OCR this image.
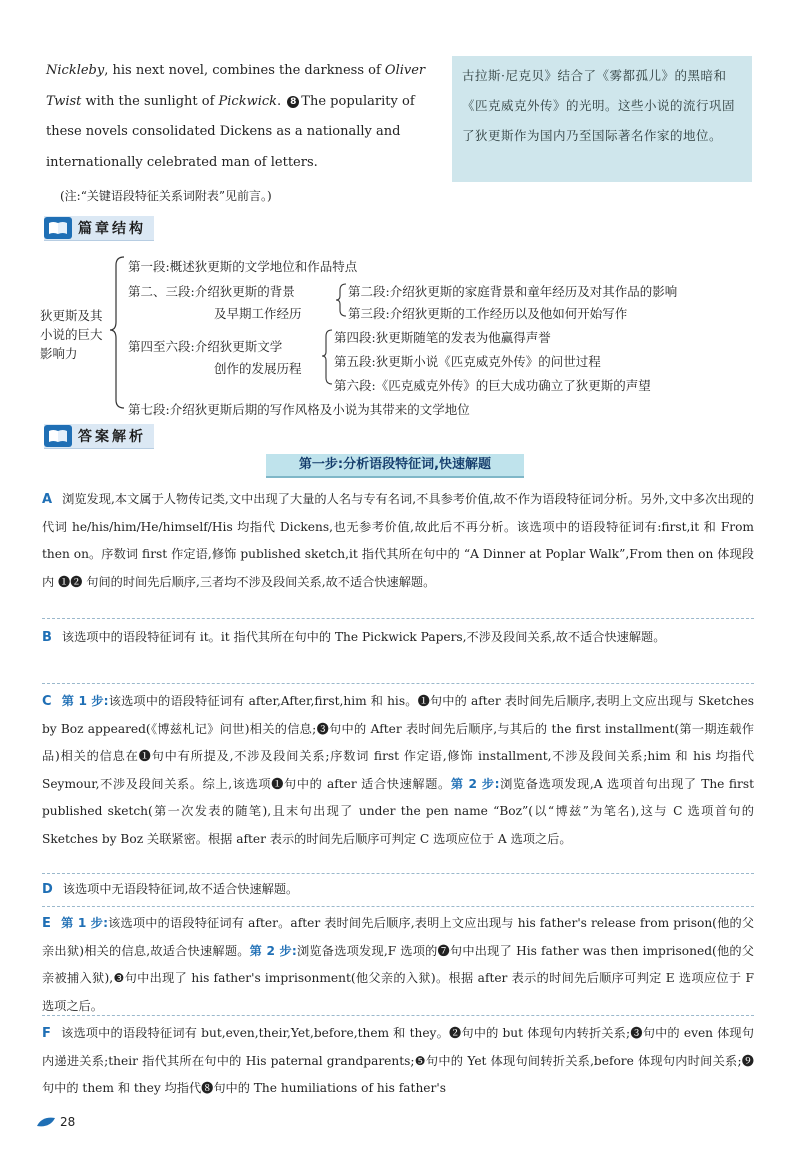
Nickleby, his next novel, combines the darkness of Oliver Twist with the sunlight of Pickwick. 8 The popularity of these novels consolidated Dickens as a nationally and internationally celebrated man of letters.
古拉斯·尼克贝》结合了《雾都孤儿》的黑暗和《匹克威克外传》的光明。这些小说的流行巩固了狄更斯作为国内乃至国际著名作家的地位。
(注:“关键语段特征关系词附表”见前言。)
篇章结构
狄更斯及其
小说的巨大
影响力
第一段:概述狄更斯的文学地位和作品特点
第二、三段:介绍狄更斯的背景
及早期工作经历
第二段:介绍狄更斯的家庭背景和童年经历及对其作品的影响
第三段:介绍狄更斯的工作经历以及他如何开始写作
第四至六段:介绍狄更斯文学
创作的发展历程
第四段:狄更斯随笔的发表为他赢得声誉
第五段:狄更斯小说《匹克威克外传》的问世过程
第六段:《匹克威克外传》的巨大成功确立了狄更斯的声望
第七段:介绍狄更斯后期的写作风格及小说为其带来的文学地位
答案解析
第一步:分析语段特征词,快速解题
A 浏览发现,本文属于人物传记类,文中出现了大量的人名与专有名词,不具参考价值,故不作为语段特征词分析。另外,文中多次出现的代词 he/his/him/He/himself/His 均指代 Dickens,也无参考价值,故此后不再分析。该选项中的语段特征词有:first,it 和 From then on。序数词 first 作定语,修饰 published sketch,it 指代其所在句中的 “A Dinner at Poplar Walk”,From then on 体现段内 ❶❷ 句间的时间先后顺序,三者均不涉及段间关系,故不适合快速解题。
B 该选项中的语段特征词有 it。it 指代其所在句中的 The Pickwick Papers,不涉及段间关系,故不适合快速解题。
C 第 1 步:该选项中的语段特征词有 after,After,first,him 和 his。❶句中的 after 表时间先后顺序,表明上文应出现与 Sketches by Boz appeared(《博兹札记》问世)相关的信息;❸句中的 After 表时间先后顺序,与其后的 the first installment(第一期连载作品)相关的信息在❶句中有所提及,不涉及段间关系;序数词 first 作定语,修饰 installment,不涉及段间关系;him 和 his 均指代 Seymour,不涉及段间关系。综上,该选项❶句中的 after 适合快速解题。第 2 步:浏览备选项发现,A 选项首句出现了 The first published sketch(第一次发表的随笔),且末句出现了 under the pen name “Boz”(以“博兹”为笔名),这与 C 选项首句的 Sketches by Boz 关联紧密。根据 after 表示的时间先后顺序可判定 C 选项应位于 A 选项之后。
D 该选项中无语段特征词,故不适合快速解题。
E 第 1 步:该选项中的语段特征词有 after。after 表时间先后顺序,表明上文应出现与 his father's release from prison(他的父亲出狱)相关的信息,故适合快速解题。第 2 步:浏览备选项发现,F 选项的❼句中出现了 His father was then imprisoned(他的父亲被捕入狱),❸句中出现了 his father's imprisonment(他父亲的入狱)。根据 after 表示的时间先后顺序可判定 E 选项应位于 F 选项之后。
F 该选项中的语段特征词有 but,even,their,Yet,before,them 和 they。❷句中的 but 体现句内转折关系;❸句中的 even 体现句内递进关系;their 指代其所在句中的 His paternal grandparents;❺句中的 Yet 体现句间转折关系,before 体现句内时间关系;❾句中的 them 和 they 均指代❽句中的 The humiliations of his father's
28
